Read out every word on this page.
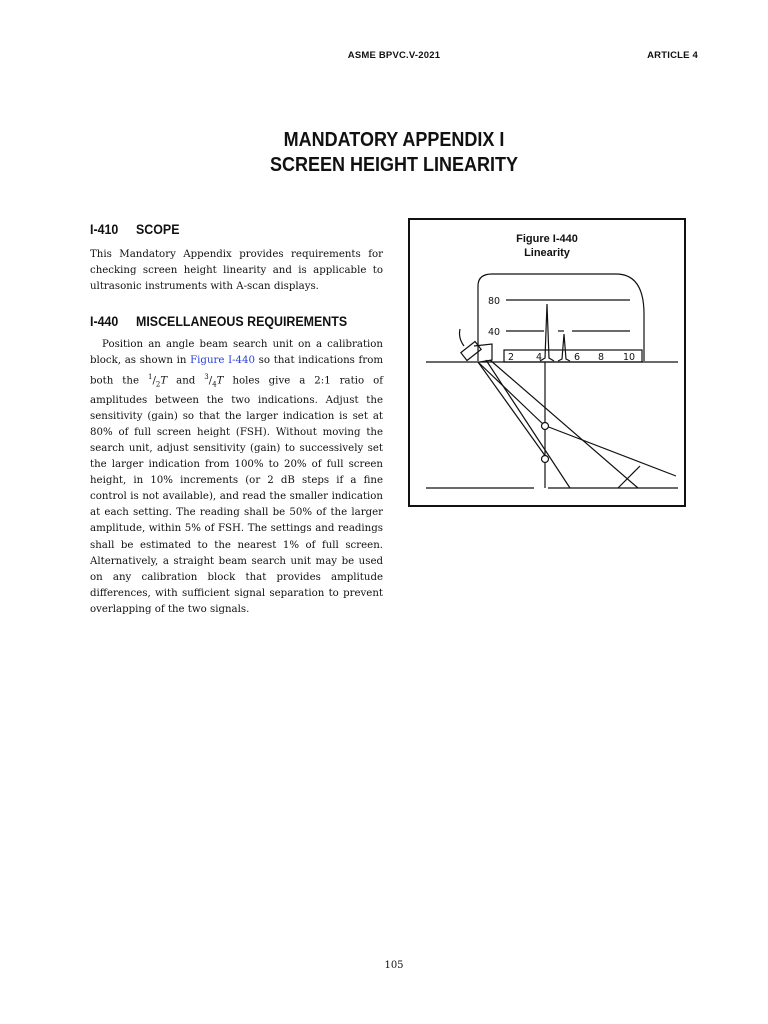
ASME BPVC.V-2021	ARTICLE 4
MANDATORY APPENDIX I
SCREEN HEIGHT LINEARITY
I-410 SCOPE

This Mandatory Appendix provides requirements for checking screen height linearity and is applicable to ultrasonic instruments with A-scan displays.

I-440 MISCELLANEOUS REQUIREMENTS

Position an angle beam search unit on a calibration block, as shown in Figure I-440 so that indications from both the $^1/_2T$ and $^3/_4T$ holes give a 2:1 ratio of amplitudes between the two indications. Adjust the sensitivity (gain) so that the larger indication is set at 80% of full screen height (FSH). Without moving the search unit, adjust sensitivity (gain) to successively set the larger indication from 100% to 20% of full screen height, in 10% increments (or 2 dB steps if a fine control is not available), and read the smaller indication at each setting. The reading shall be 50% of the larger amplitude, within 5% of FSH. The settings and readings shall be estimated to the nearest 1% of full screen. Alternatively, a straight beam search unit may be used on any calibration block that provides amplitude differences, with sufficient signal separation to prevent overlapping of the two signals.

Figure I-440
Linearity
80
40
2 4	6 8 10
105
